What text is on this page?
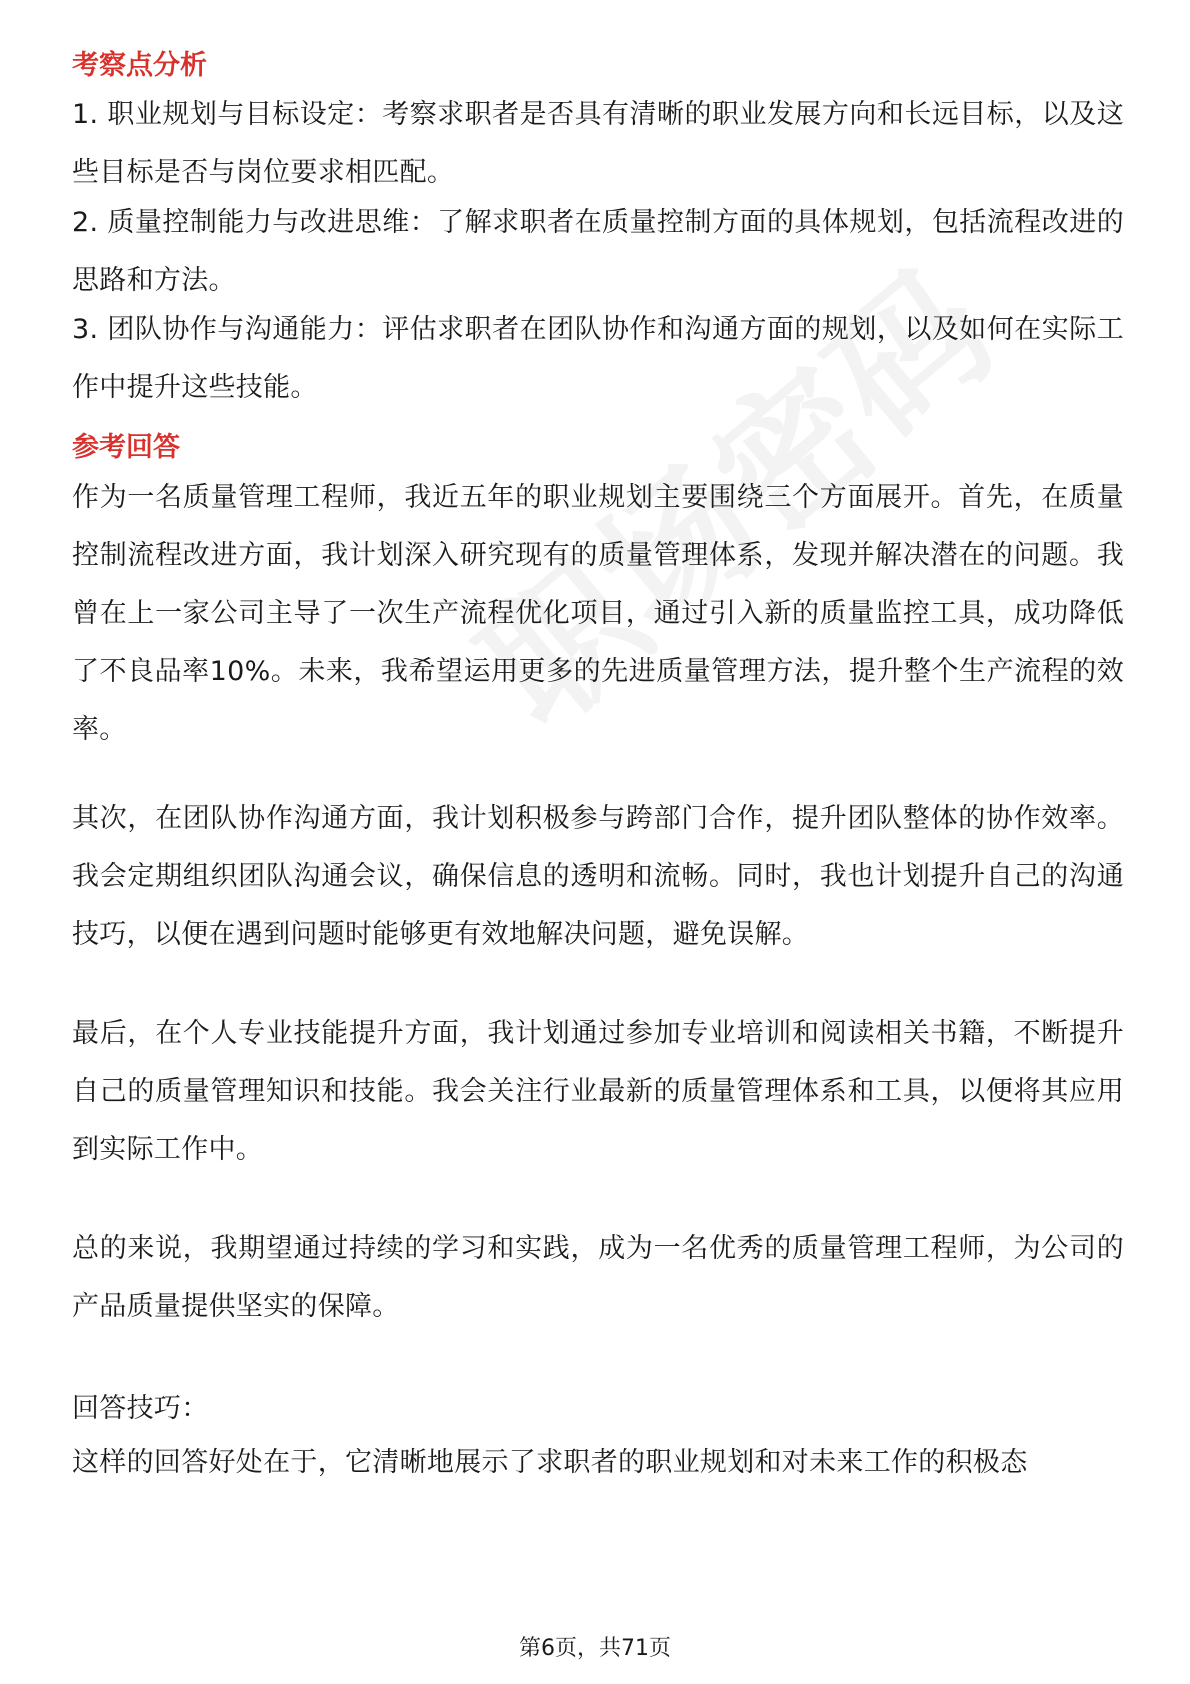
考察点分析

1. 职业规划与目标设定：考察求职者是否具有清晰的职业发展方向和长远目标，以及这些目标是否与岗位要求相匹配。

2. 质量控制能力与改进思维：了解求职者在质量控制方面的具体规划，包括流程改进的思路和方法。

3. 团队协作与沟通能力：评估求职者在团队协作和沟通方面的规划，以及如何在实际工作中提升这些技能。

参考回答

作为一名质量管理工程师，我近五年的职业规划主要围绕三个方面展开。首先，在质量控制流程改进方面，我计划深入研究现有的质量管理体系，发现并解决潜在的问题。我曾在上一家公司主导了一次生产流程优化项目，通过引入新的质量监控工具，成功降低了不良品率10%。未来，我希望运用更多的先进质量管理方法，提升整个生产流程的效率。

其次，在团队协作沟通方面，我计划积极参与跨部门合作，提升团队整体的协作效率。我会定期组织团队沟通会议，确保信息的透明和流畅。同时，我也计划提升自己的沟通技巧，以便在遇到问题时能够更有效地解决问题，避免误解。

最后，在个人专业技能提升方面，我计划通过参加专业培训和阅读相关书籍，不断提升自己的质量管理知识和技能。我会关注行业最新的质量管理体系和工具，以便将其应用到实际工作中。

总的来说，我期望通过持续的学习和实践，成为一名优秀的质量管理工程师，为公司的产品质量提供坚实的保障。

回答技巧：

这样的回答好处在于，它清晰地展示了求职者的职业规划和对未来工作的积极态

第6页，共71页
